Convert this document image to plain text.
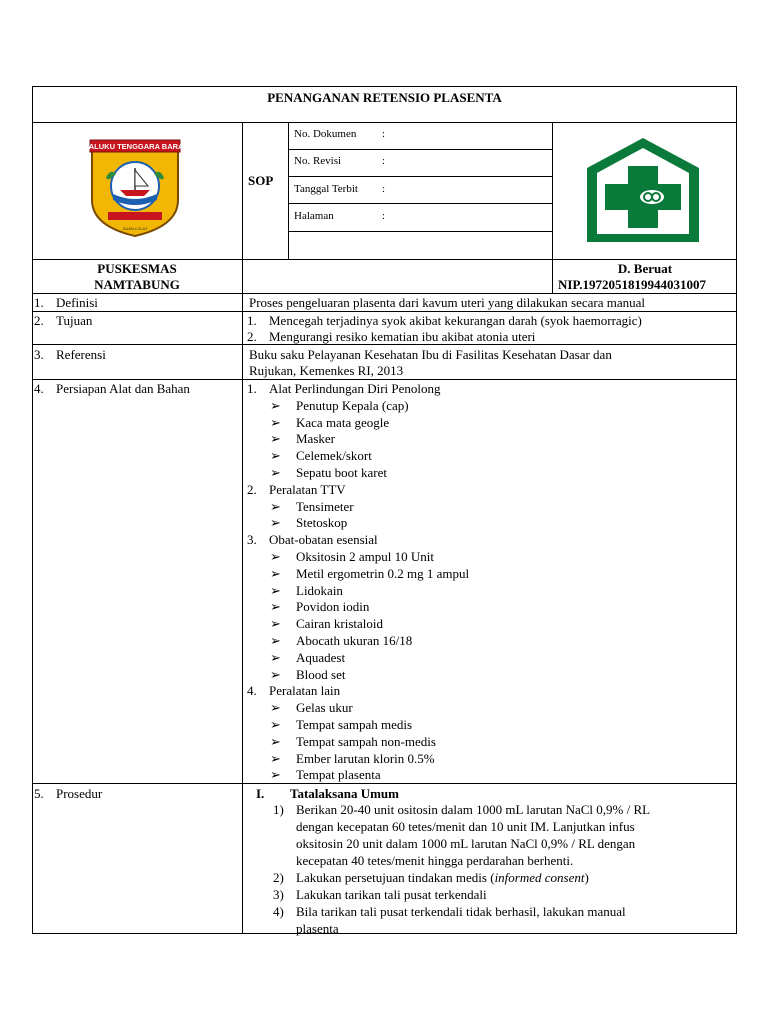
PENANGANAN RETENSIO PLASENTA
MALUKU TENGGARA BARAT
DUAN LOLAT
SOP
No. Dokumen :
No. Revisi	:
Tanggal Terbit :
Halaman	:
PUSKESMAS
NAMTABUNG
D. Beruat
NIP.1972051819944031007
1. Definisi	Proses pengeluaran plasenta dari kavum uteri yang dilakukan secara manual
2. Tujuan	1. Mencegah terjadinya syok akibat kekurangan darah (syok haemorragic)
2. Mengurangi resiko kematian ibu akibat atonia uteri
3. Referensi	Buku saku Pelayanan Kesehatan Ibu di Fasilitas Kesehatan Dasar dan
Rujukan, Kemenkes RI, 2013
4. Persiapan Alat dan Bahan	1. Alat Perlindungan Diri Penolong
➢ Penutup Kepala (cap)
➢ Kaca mata geogle
➢ Masker
➢ Celemek/skort
➢ Sepatu boot karet
2. Peralatan TTV
➢ Tensimeter
➢ Stetoskop
3. Obat-obatan esensial
➢ Oksitosin 2 ampul 10 Unit
➢ Metil ergometrin 0.2 mg 1 ampul
➢ Lidokain
➢ Povidon iodin
➢ Cairan kristaloid
➢ Abocath ukuran 16/18
➢ Aquadest
➢ Blood set
4. Peralatan lain
➢ Gelas ukur
➢ Tempat sampah medis
➢ Tempat sampah non-medis
➢ Ember larutan klorin 0.5%
➢ Tempat plasenta
5. Prosedur	I. Tatalaksana Umum
1) Berikan 20-40 unit ositosin dalam 1000 mL larutan NaCl 0,9% / RL
dengan kecepatan 60 tetes/menit dan 10 unit IM. Lanjutkan infus
oksitosin 20 unit dalam 1000 mL larutan NaCl 0,9% / RL dengan
kecepatan 40 tetes/menit hingga perdarahan berhenti.
2) Lakukan persetujuan tindakan medis (informed consent)
3) Lakukan tarikan tali pusat terkendali
4) Bila tarikan tali pusat terkendali tidak berhasil, lakukan manual
plasenta
